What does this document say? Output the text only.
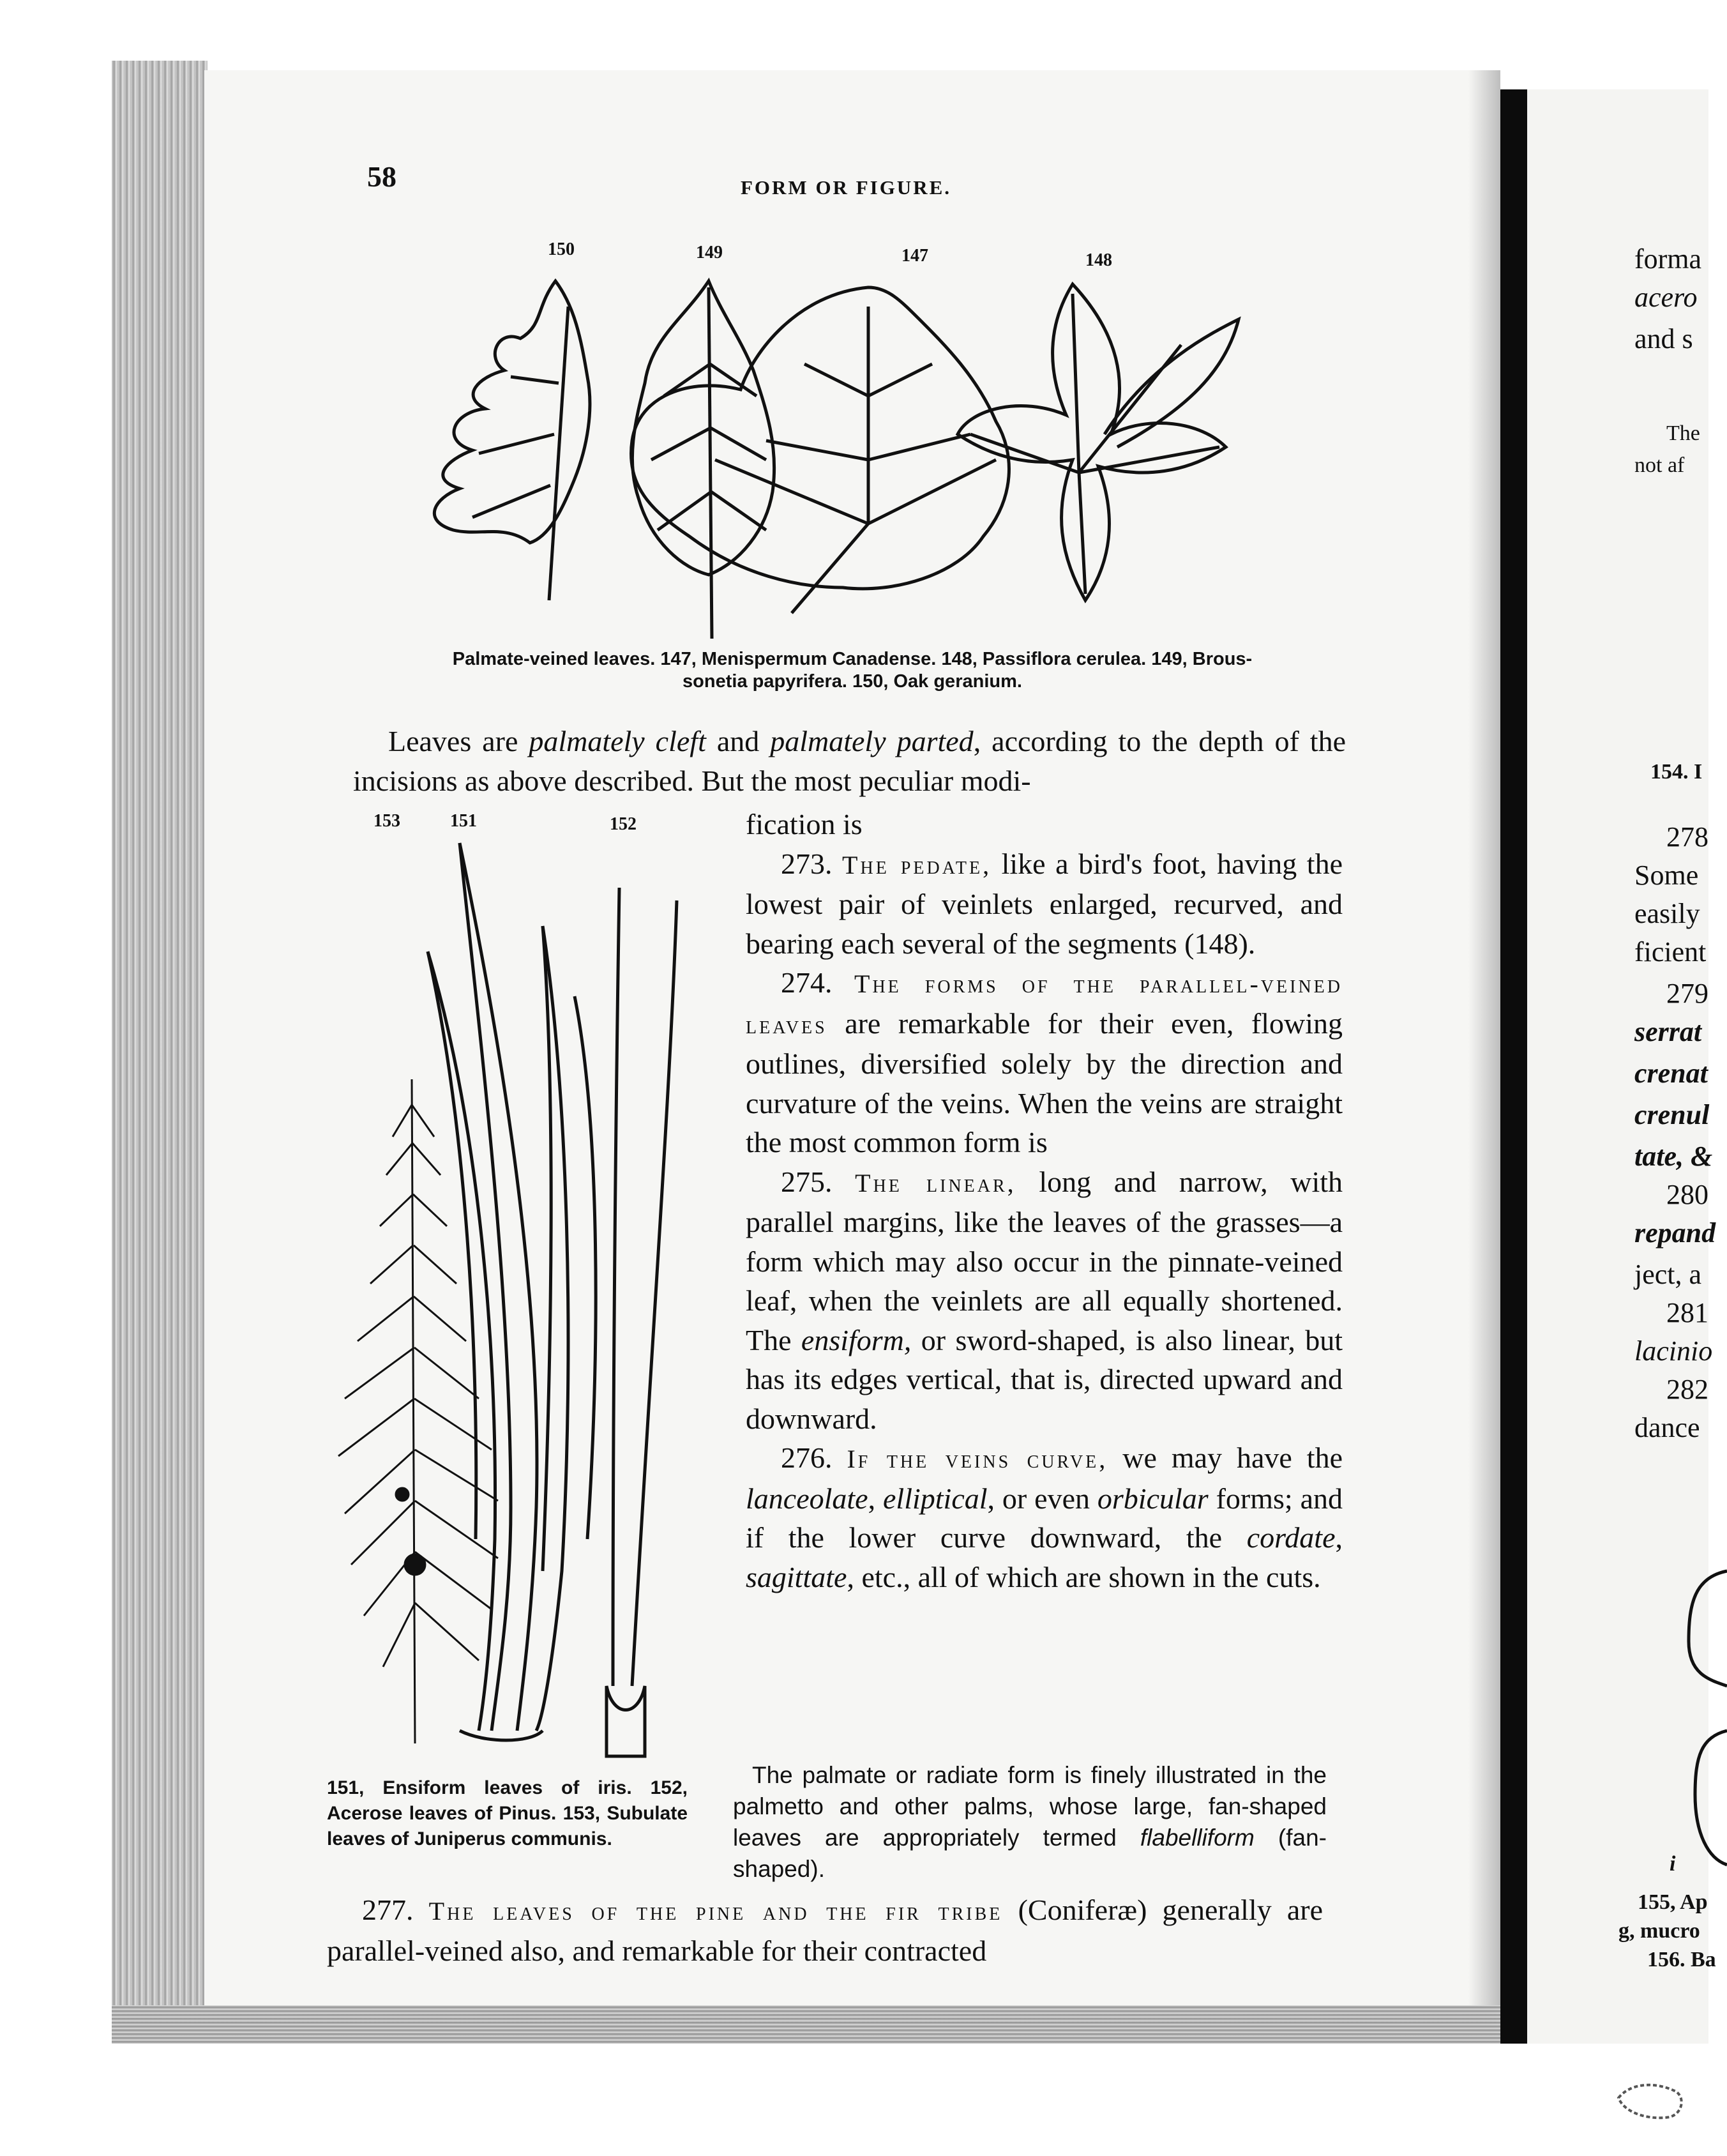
58	FORM OR FIGURE.
150	149	147	148
Palmate-veined leaves. 147, Menispermum Canadense. 148, Passiflora cerulea. 149, Brous-
sonetia papyrifera. 150, Oak geranium.

Leaves are palmately cleft and palmately parted, according to the depth of the incisions as above described. But the most peculiar modi-

153	151	152	fication is

273. The pedate, like a bird's foot, having the lowest pair of veinlets enlarged, recurved, and bearing each several of the segments (148).

274. The forms of the parallel-veined leaves are remarkable for their even, flowing outlines, diversified solely by the direction and curvature of the veins. When the veins are straight the most common form is

275. The linear, long and narrow, with parallel margins, like the leaves of the grasses—a form which may also occur in the pinnate-veined leaf, when the veinlets are all equally shortened. The ensiform, or sword-shaped, is also linear, but has its edges vertical, that is, directed upward and downward.

276. If the veins curve, we may have the lanceolate, elliptical, or even orbicular forms; and if the lower curve downward, the cordate, sagittate, etc., all of which are shown in the cuts.

The palmate or radiate form is finely illustrated in the palmetto and other palms, whose large, fan-shaped leaves are appropriately termed flabelliform (fan-shaped).

151, Ensiform leaves of iris. 152, Acerose leaves of Pinus. 153, Subulate leaves of Juniperus communis.

277. The leaves of the pine and the fir tribe (Coniferæ) generally are parallel-veined also, and remarkable for their contracted

forma
acero
and s
The
not af
154. I
278
Some
easily
ficient
279
serrat
crenat
crenul
tate, &
280
repand
ject, a
281
lacinio
282
dance
i
155, Ap
g, mucro
156. Ba
